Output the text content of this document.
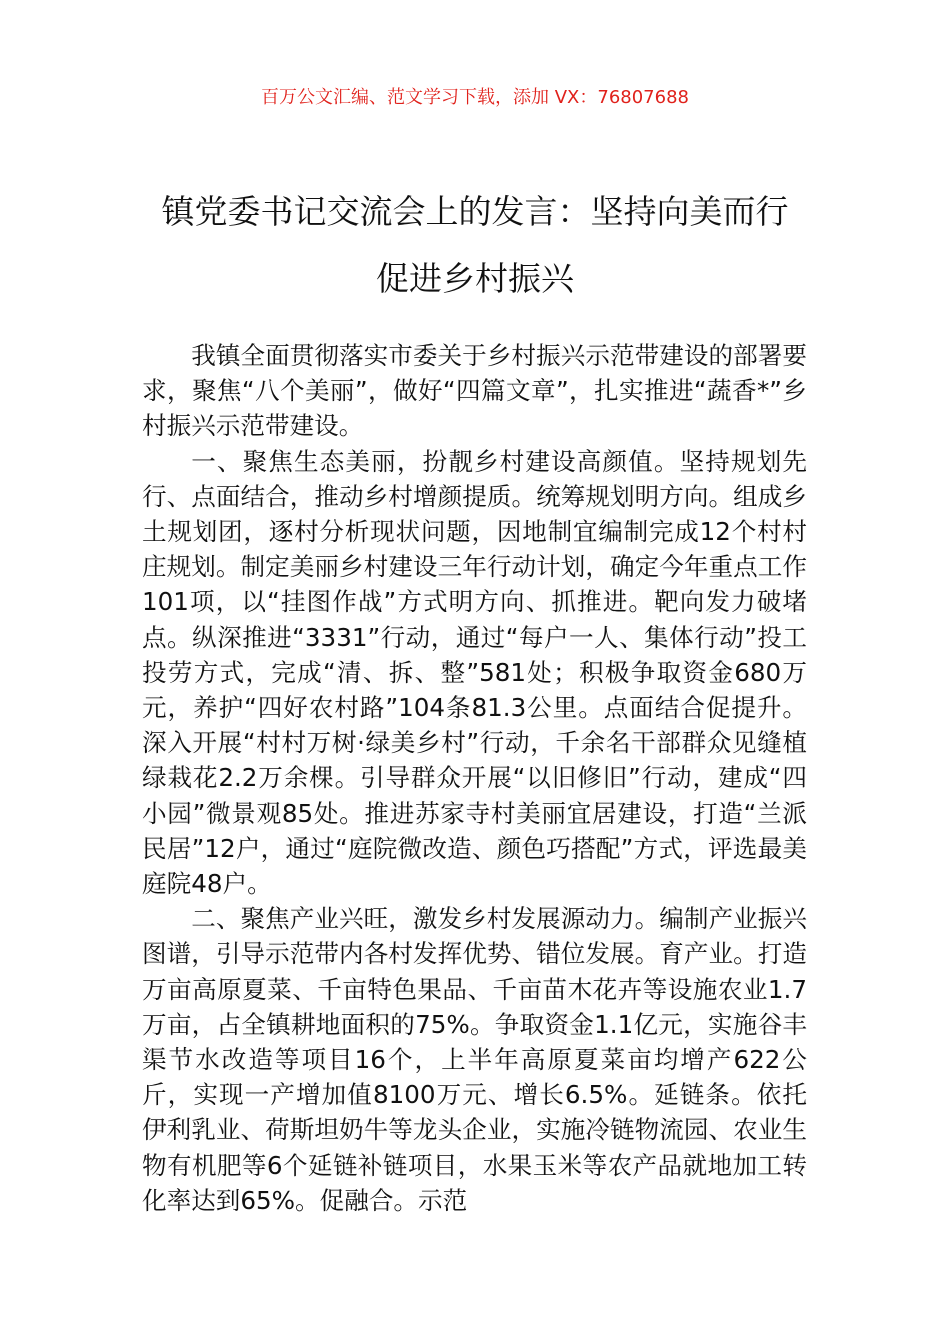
百万公文汇编、范文学习下载，添加 VX：76807688
镇党委书记交流会上的发言：坚持向美而行 促进乡村振兴

我镇全面贯彻落实市委关于乡村振兴示范带建设的部署要求，聚焦“八个美丽”，做好“四篇文章”，扎实推进“蔬香*”乡村振兴示范带建设。

一、聚焦生态美丽，扮靓乡村建设高颜值。坚持规划先行、点面结合，推动乡村增颜提质。统筹规划明方向。组成乡土规划团，逐村分析现状问题，因地制宜编制完成12个村村庄规划。制定美丽乡村建设三年行动计划，确定今年重点工作101项，以“挂图作战”方式明方向、抓推进。靶向发力破堵点。纵深推进“3331”行动，通过“每户一人、集体行动”投工投劳方式，完成“清、拆、整”581处；积极争取资金680万元，养护“四好农村路”104条81.3公里。点面结合促提升。深入开展“村村万树·绿美乡村”行动，千余名干部群众见缝植绿栽花2.2万余棵。引导群众开展“以旧修旧”行动，建成“四小园”微景观85处。推进苏家寺村美丽宜居建设，打造“兰派民居”12户，通过“庭院微改造、颜色巧搭配”方式，评选最美庭院48户。

二、聚焦产业兴旺，激发乡村发展源动力。编制产业振兴图谱，引导示范带内各村发挥优势、错位发展。育产业。打造万亩高原夏菜、千亩特色果品、千亩苗木花卉等设施农业1.7万亩，占全镇耕地面积的75%。争取资金1.1亿元，实施谷丰渠节水改造等项目16个，上半年高原夏菜亩均增产622公斤，实现一产增加值8100万元、增长6.5%。延链条。依托伊利乳业、荷斯坦奶牛等龙头企业，实施冷链物流园、农业生物有机肥等6个延链补链项目，水果玉米等农产品就地加工转化率达到65%。促融合。示范
